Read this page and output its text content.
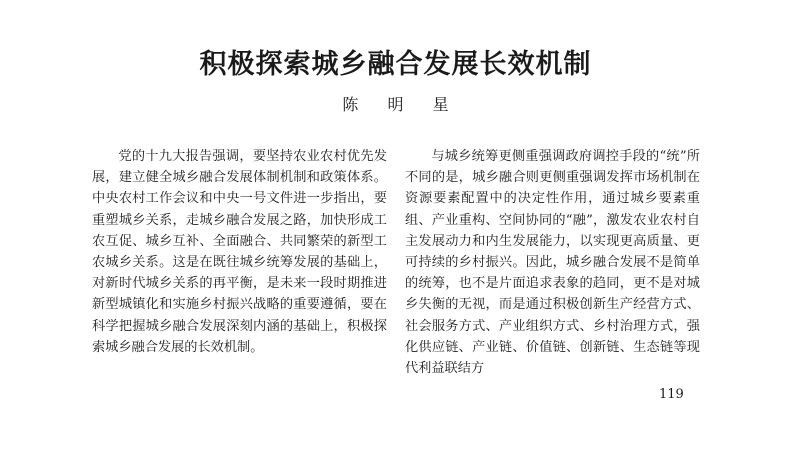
积极探索城乡融合发展长效机制
陈 明 星

党的十九大报告强调，要坚持农业农村优先发展，建立健全城乡融合发展体制机制和政策体系。中央农村工作会议和中央一号文件进一步指出，要重塑城乡关系，走城乡融合发展之路，加快形成工农互促、城乡互补、全面融合、共同繁荣的新型工农城乡关系。这是在既往城乡统筹发展的基础上，对新时代城乡关系的再平衡，是未来一段时期推进新型城镇化和实施乡村振兴战略的重要遵循，要在科学把握城乡融合发展深刻内涵的基础上，积极探索城乡融合发展的长效机制。

与城乡统筹更侧重强调政府调控手段的“统”所不同的是，城乡融合则更侧重强调发挥市场机制在资源要素配置中的决定性作用，通过城乡要素重组、产业重构、空间协同的“融”，激发农业农村自主发展动力和内生发展能力，以实现更高质量、更可持续的乡村振兴。因此，城乡融合发展不是简单的统筹，也不是片面追求表象的趋同，更不是对城乡失衡的无视，而是通过积极创新生产经营方式、社会服务方式、产业组织方式、乡村治理方式，强化供应链、产业链、价值链、创新链、生态链等现代利益联结方

119
